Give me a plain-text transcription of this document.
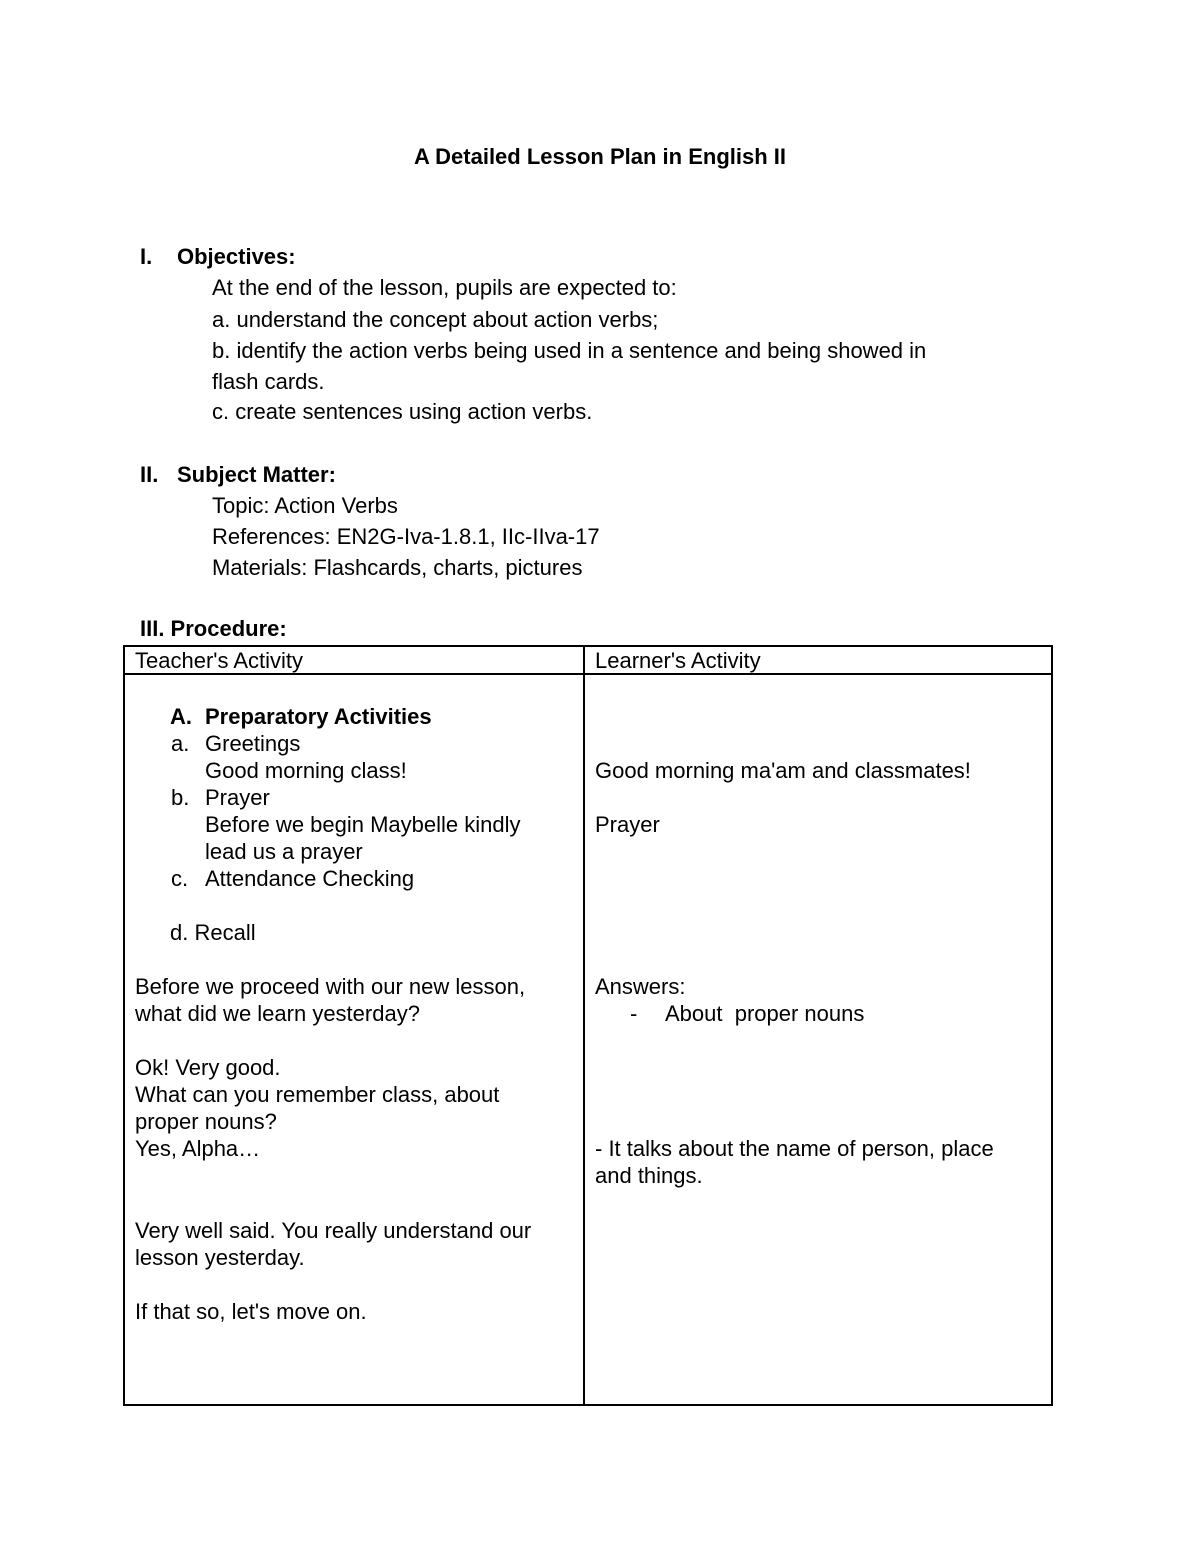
A Detailed Lesson Plan in English II
I. Objectives:
At the end of the lesson, pupils are expected to:
a. understand the concept about action verbs;
b. identify the action verbs being used in a sentence and being showed in
flash cards.
c. create sentences using action verbs.
II. Subject Matter:
Topic: Action Verbs
References: EN2G-Iva-1.8.1, IIc-IIva-17
Materials: Flashcards, charts, pictures
III. Procedure:
Teacher's Activity	Learner's Activity
A. Preparatory Activities
a. Greetings
Good morning class!
b. Prayer
Before we begin Maybelle kindly
lead us a prayer
c. Attendance Checking
d. Recall
Before we proceed with our new lesson,
what did we learn yesterday?
Ok! Very good.
What can you remember class, about
proper nouns?
Yes, Alpha…
Very well said. You really understand our
lesson yesterday.
If that so, let's move on.
Good morning ma'am and classmates!
Prayer
Answers:
- About  proper nouns
- It talks about the name of person, place
and things.
